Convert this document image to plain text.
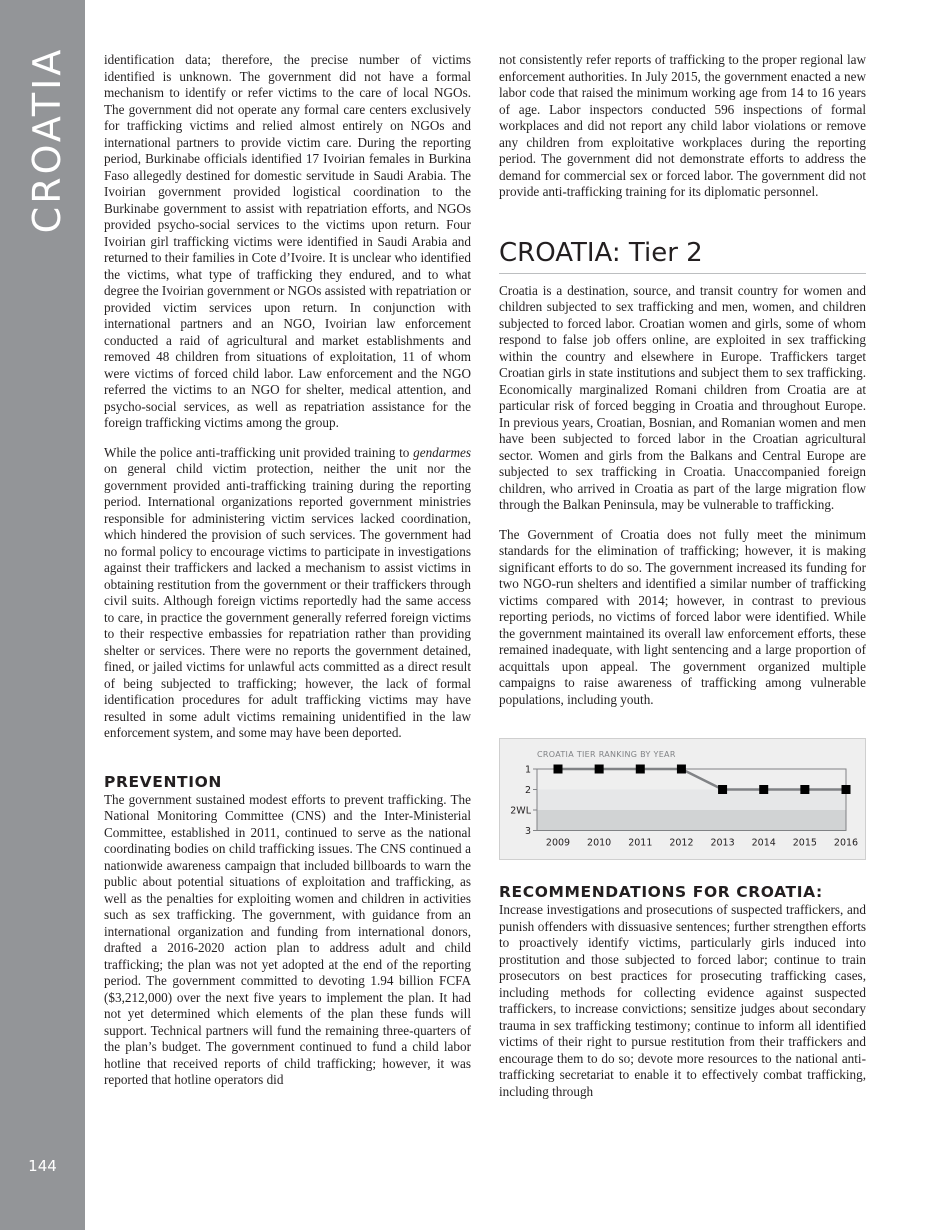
CROATIA
144

identification data; therefore, the precise number of victims identified is unknown. The government did not have a formal mechanism to identify or refer victims to the care of local NGOs. The government did not operate any formal care centers exclusively for trafficking victims and relied almost entirely on NGOs and international partners to provide victim care. During the reporting period, Burkinabe officials identified 17 Ivoirian females in Burkina Faso allegedly destined for domestic servitude in Saudi Arabia. The Ivoirian government provided logistical coordination to the Burkinabe government to assist with repatriation efforts, and NGOs provided psycho-social services to the victims upon return. Four Ivoirian girl trafficking victims were identified in Saudi Arabia and returned to their families in Cote d’Ivoire. It is unclear who identified the victims, what type of trafficking they endured, and to what degree the Ivoirian government or NGOs assisted with repatriation or provided victim services upon return. In conjunction with international partners and an NGO, Ivoirian law enforcement conducted a raid of agricultural and market establishments and removed 48 children from situations of exploitation, 11 of whom were victims of forced child labor. Law enforcement and the NGO referred the victims to an NGO for shelter, medical attention, and psycho-social services, as well as repatriation assistance for the foreign trafficking victims among the group.

While the police anti-trafficking unit provided training to gendarmes on general child victim protection, neither the unit nor the government provided anti-trafficking training during the reporting period. International organizations reported government ministries responsible for administering victim services lacked coordination, which hindered the provision of such services. The government had no formal policy to encourage victims to participate in investigations against their traffickers and lacked a mechanism to assist victims in obtaining restitution from the government or their traffickers through civil suits. Although foreign victims reportedly had the same access to care, in practice the government generally referred foreign victims to their respective embassies for repatriation rather than providing shelter or services. There were no reports the government detained, fined, or jailed victims for unlawful acts committed as a direct result of being subjected to trafficking; however, the lack of formal identification procedures for adult trafficking victims may have resulted in some adult victims remaining unidentified in the law enforcement system, and some may have been deported.

PREVENTION

The government sustained modest efforts to prevent trafficking. The National Monitoring Committee (CNS) and the Inter-Ministerial Committee, established in 2011, continued to serve as the national coordinating bodies on child trafficking issues. The CNS continued a nationwide awareness campaign that included billboards to warn the public about potential situations of exploitation and trafficking, as well as the penalties for exploiting women and children in activities such as sex trafficking. The government, with guidance from an international organization and funding from international donors, drafted a 2016-2020 action plan to address adult and child trafficking; the plan was not yet adopted at the end of the reporting period. The government committed to devoting 1.94 billion FCFA ($3,212,000) over the next five years to implement the plan. It had not yet determined which elements of the plan these funds will support. Technical partners will fund the remaining three-quarters of the plan’s budget. The government continued to fund a child labor hotline that received reports of child trafficking; however, it was reported that hotline operators did

not consistently refer reports of trafficking to the proper regional law enforcement authorities. In July 2015, the government enacted a new labor code that raised the minimum working age from 14 to 16 years of age. Labor inspectors conducted 596 inspections of formal workplaces and did not report any child labor violations or remove any children from exploitative workplaces during the reporting period. The government did not demonstrate efforts to address the demand for commercial sex or forced labor. The government did not provide anti-trafficking training for its diplomatic personnel.

CROATIA: Tier 2

Croatia is a destination, source, and transit country for women and children subjected to sex trafficking and men, women, and children subjected to forced labor. Croatian women and girls, some of whom respond to false job offers online, are exploited in sex trafficking within the country and elsewhere in Europe. Traffickers target Croatian girls in state institutions and subject them to sex trafficking. Economically marginalized Romani children from Croatia are at particular risk of forced begging in Croatia and throughout Europe. In previous years, Croatian, Bosnian, and Romanian women and men have been subjected to forced labor in the Croatian agricultural sector. Women and girls from the Balkans and Central Europe are subjected to sex trafficking in Croatia. Unaccompanied foreign children, who arrived in Croatia as part of the large migration flow through the Balkan Peninsula, may be vulnerable to trafficking.

The Government of Croatia does not fully meet the minimum standards for the elimination of trafficking; however, it is making significant efforts to do so. The government increased its funding for two NGO-run shelters and identified a similar number of trafficking victims compared with 2014; however, in contrast to previous reporting periods, no victims of forced labor were identified. While the government maintained its overall law enforcement efforts, these remained inadequate, with light sentencing and a large proportion of acquittals upon appeal. The government organized multiple campaigns to raise awareness of trafficking among vulnerable populations, including youth.

CROATIA TIER RANKING BY YEAR
1
2
2WL
3
2009 2010 2011 2012 2013 2014 2015 2016
RECOMMENDATIONS FOR CROATIA:

Increase investigations and prosecutions of suspected traffickers, and punish offenders with dissuasive sentences; further strengthen efforts to proactively identify victims, particularly girls induced into prostitution and those subjected to forced labor; continue to train prosecutors on best practices for prosecuting trafficking cases, including methods for collecting evidence against suspected traffickers, to increase convictions; sensitize judges about secondary trauma in sex trafficking testimony; continue to inform all identified victims of their right to pursue restitution from their traffickers and encourage them to do so; devote more resources to the national anti-trafficking secretariat to enable it to effectively combat trafficking, including through
